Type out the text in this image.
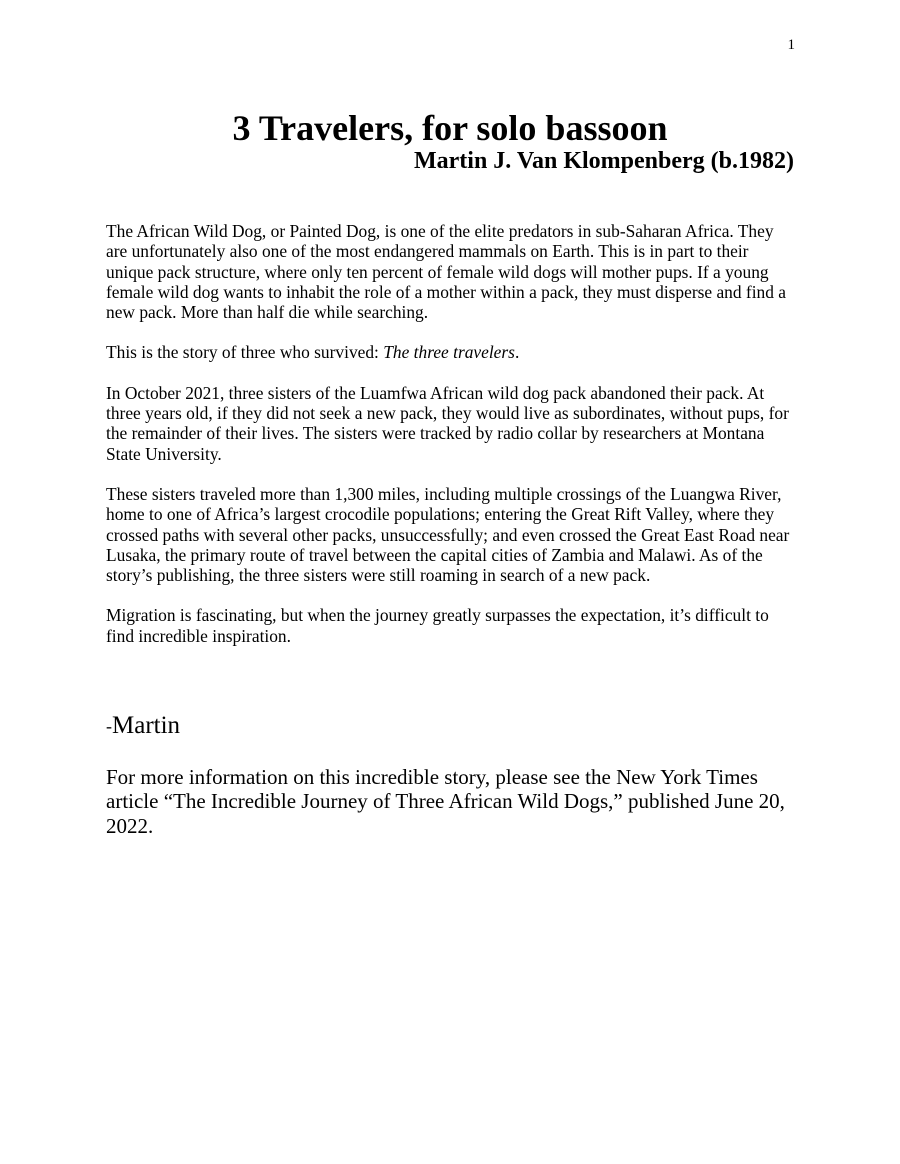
1
3 Travelers, for solo bassoon
Martin J. Van Klompenberg (b.1982)

The African Wild Dog, or Painted Dog, is one of the elite predators in sub-Saharan Africa. They are unfortunately also one of the most endangered mammals on Earth. This is in part to their unique pack structure, where only ten percent of female wild dogs will mother pups. If a young female wild dog wants to inhabit the role of a mother within a pack, they must disperse and find a new pack. More than half die while searching.

This is the story of three who survived: The three travelers.

In October 2021, three sisters of the Luamfwa African wild dog pack abandoned their pack. At three years old, if they did not seek a new pack, they would live as subordinates, without pups, for the remainder of their lives. The sisters were tracked by radio collar by researchers at Montana State University.

These sisters traveled more than 1,300 miles, including multiple crossings of the Luangwa River, home to one of Africa’s largest crocodile populations; entering the Great Rift Valley, where they crossed paths with several other packs, unsuccessfully; and even crossed the Great East Road near Lusaka, the primary route of travel between the capital cities of Zambia and Malawi. As of the story’s publishing, the three sisters were still roaming in search of a new pack.

Migration is fascinating, but when the journey greatly surpasses the expectation, it’s difficult to find incredible inspiration.

-Martin

For more information on this incredible story, please see the New York Times article “The Incredible Journey of Three African Wild Dogs,” published June 20, 2022.
